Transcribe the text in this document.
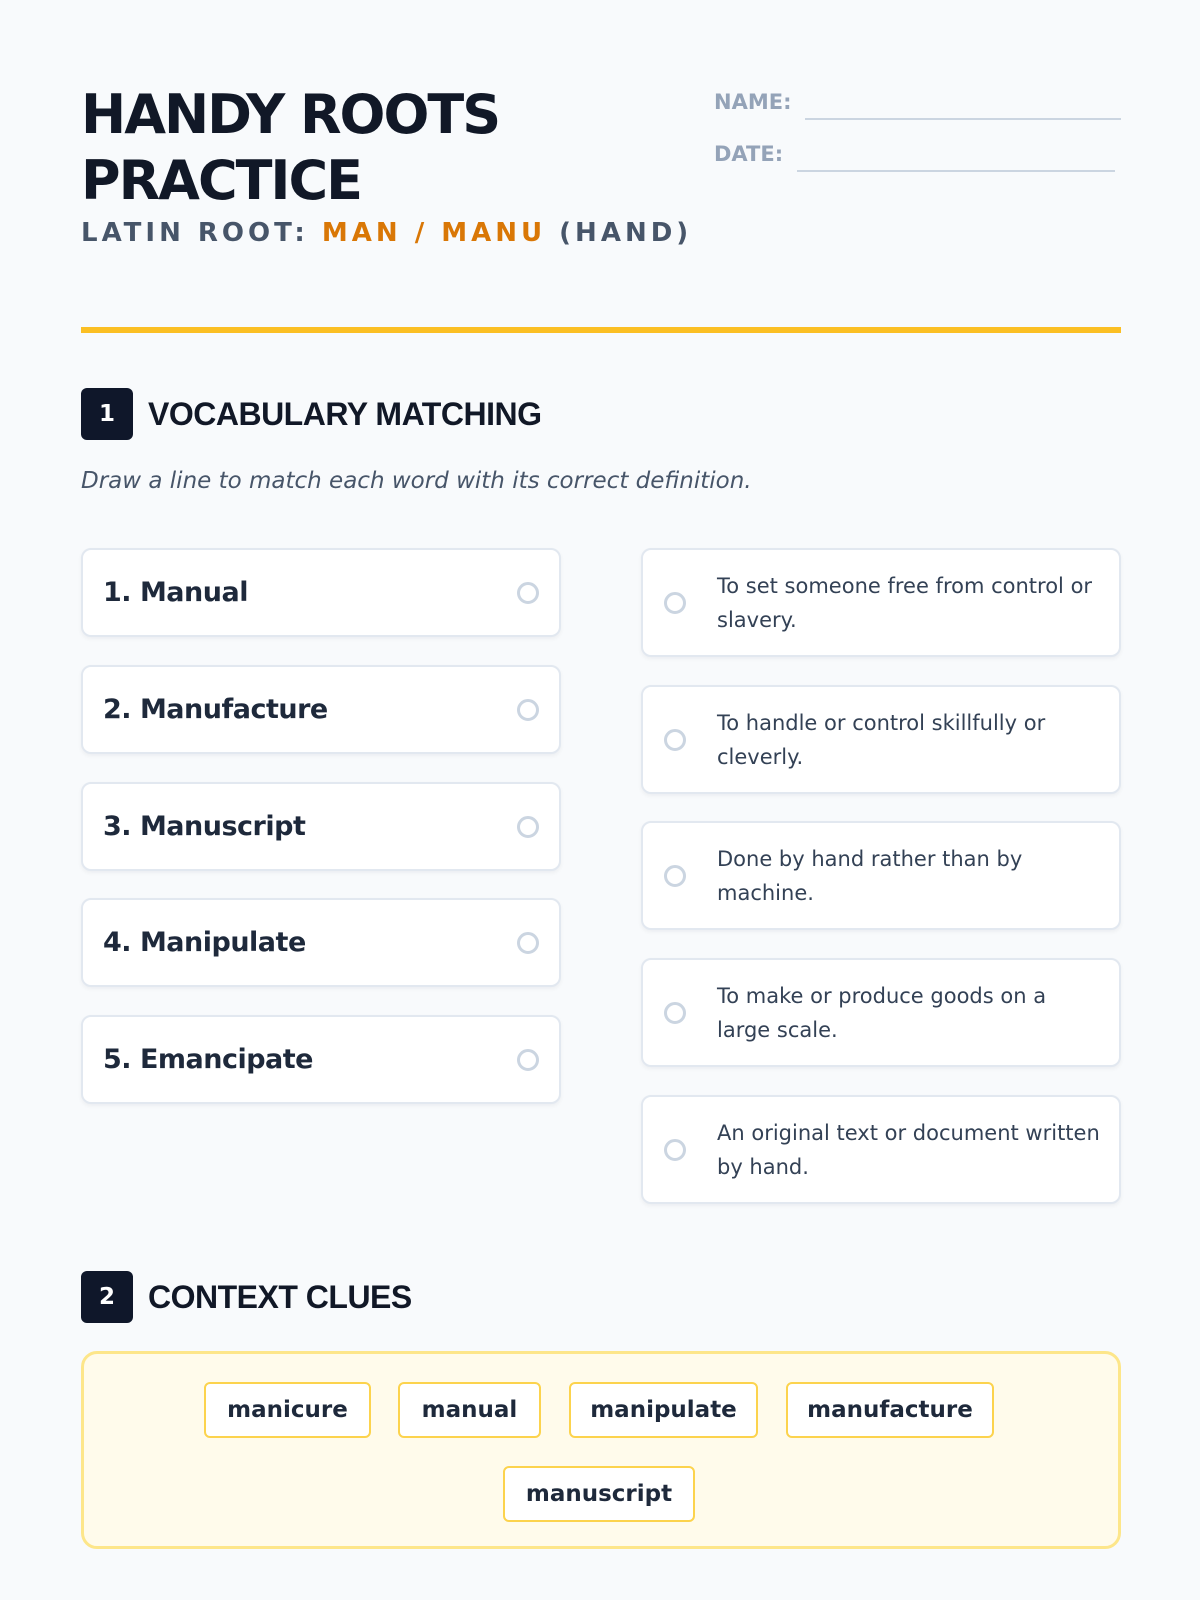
HANDY ROOTS PRACTICE
LATIN ROOT: MAN / MANU (HAND)
NAME:
DATE:
1	VOCABULARY MATCHING
Draw a line to match each word with its correct definition.
1. Manual
2. Manufacture
3. Manuscript
4. Manipulate
5. Emancipate
To set someone free from control or slavery.
To handle or control skillfully or cleverly.
Done by hand rather than by machine.
To make or produce goods on a large scale.
An original text or document written by hand.
2	CONTEXT CLUES
manicure	manual	manipulate	manufacture
manuscript
